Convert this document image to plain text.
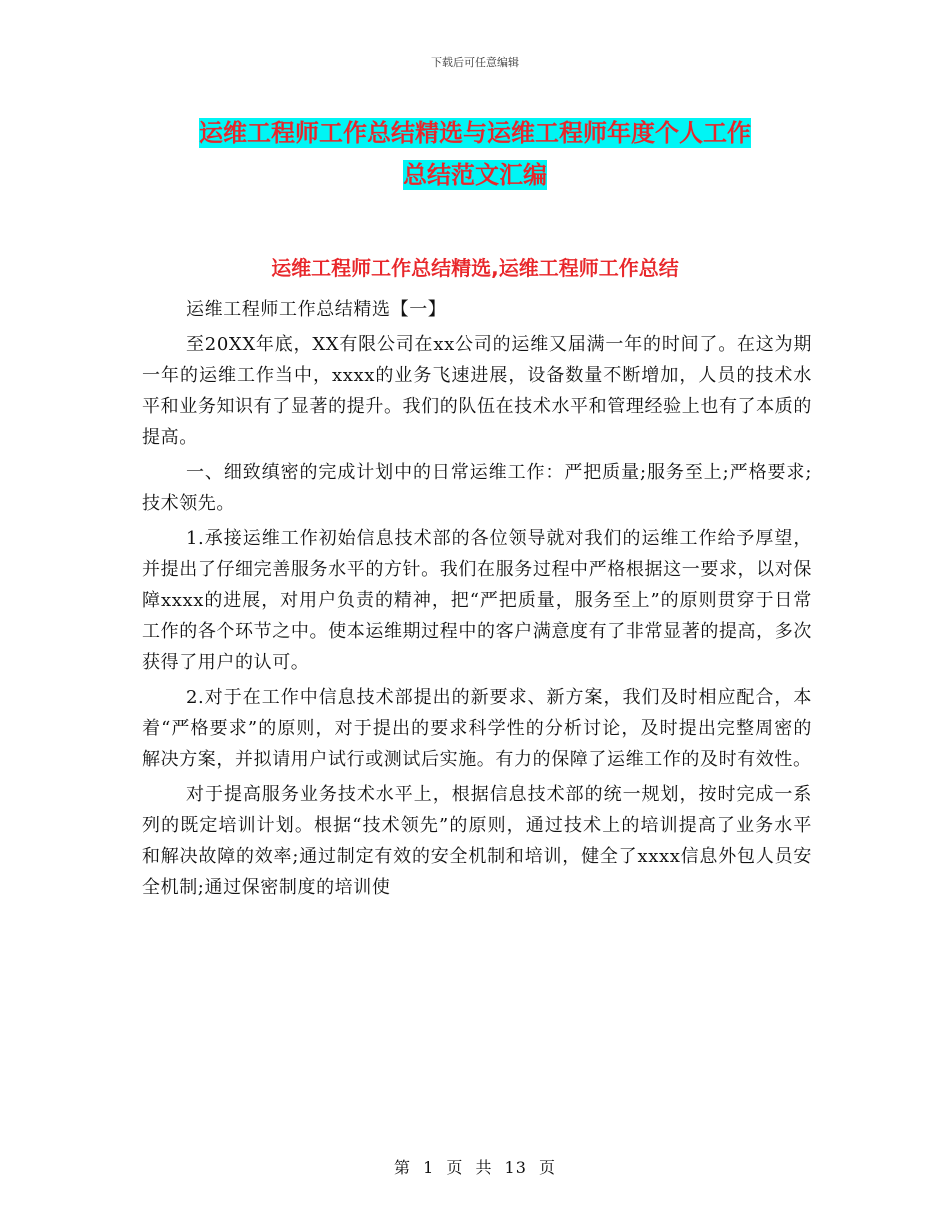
下载后可任意编辑
运维工程师工作总结精选与运维工程师年度个人工作
总结范文汇编
运维工程师工作总结精选,运维工程师工作总结

运维工程师工作总结精选【一】

至20XX年底，XX有限公司在xx公司的运维又届满一年的时间了。在这为期一年的运维工作当中，xxxx的业务飞速进展，设备数量不断增加，人员的技术水平和业务知识有了显著的提升。我们的队伍在技术水平和管理经验上也有了本质的提高。

一、细致缜密的完成计划中的日常运维工作：严把质量;服务至上;严格要求;技术领先。

1.承接运维工作初始信息技术部的各位领导就对我们的运维工作给予厚望，并提出了仔细完善服务水平的方针。我们在服务过程中严格根据这一要求，以对保障xxxx的进展，对用户负责的精神，把“严把质量，服务至上”的原则贯穿于日常工作的各个环节之中。使本运维期过程中的客户满意度有了非常显著的提高，多次获得了用户的认可。

2.对于在工作中信息技术部提出的新要求、新方案，我们及时相应配合，本着“严格要求”的原则，对于提出的要求科学性的分析讨论，及时提出完整周密的解决方案，并拟请用户试行或测试后实施。有力的保障了运维工作的及时有效性。

对于提高服务业务技术水平上，根据信息技术部的统一规划，按时完成一系列的既定培训计划。根据“技术领先”的原则，通过技术上的培训提高了业务水平和解决故障的效率;通过制定有效的安全机制和培训，健全了xxxx信息外包人员安全机制;通过保密制度的培训使

第 1 页 共 13 页
